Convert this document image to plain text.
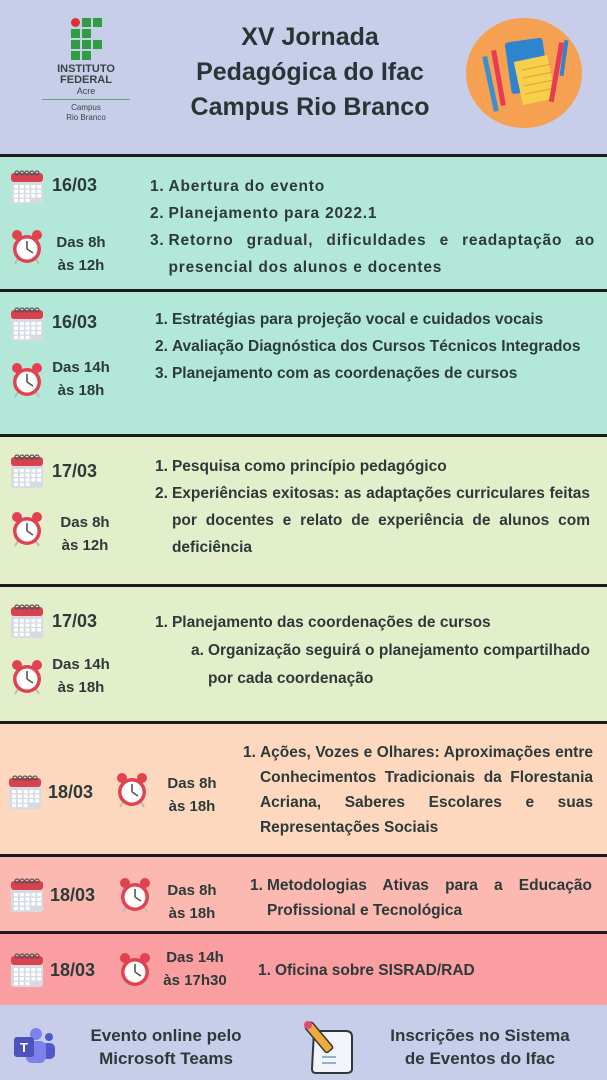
INSTITUTO
FEDERAL
Acre
Campus
Rio Branco
XV Jornada
Pedagógica do Ifac
Campus Rio Branco
16/03
Das 8h
às 12h
1. Abertura do evento
2. Planejamento para 2022.1
3. Retorno gradual, dificuldades e readaptação ao presencial dos alunos e docentes
16/03
Das 14h
às 18h
1. Estratégias para projeção vocal e cuidados vocais
2. Avaliação Diagnóstica dos Cursos Técnicos Integrados
3. Planejamento com as coordenações de cursos
17/03
Das 8h
às 12h
1. Pesquisa como princípio pedagógico
2. Experiências exitosas: as adaptações curriculares feitas por docentes e relato de experiência de alunos com deficiência
17/03
Das 14h
às 18h
1. Planejamento das coordenações de cursos
a. Organização seguirá o planejamento compartilhado por cada coordenação
18/03	Das 8h
às 18h
1. Ações, Vozes e Olhares: Aproximações entre Conhecimentos Tradicionais da Florestania Acriana, Saberes Escolares e suas Representações Sociais
18/03	Das 8h
às 18h
1. Metodologias Ativas para a Educação Profissional e Tecnológica
18/03
Das 14h
às 17h30
1. Oficina sobre SISRAD/RAD
T
Evento online pelo
Microsoft Teams
Inscrições no Sistema
de Eventos do Ifac
